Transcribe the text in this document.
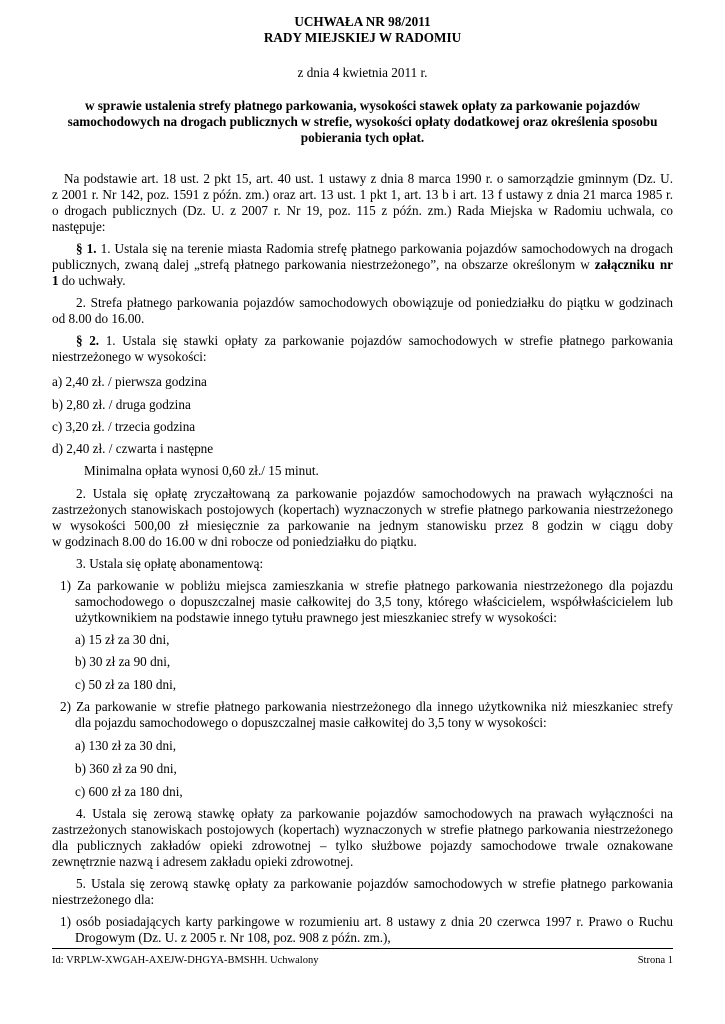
UCHWAŁA NR 98/2011
RADY MIEJSKIEJ W RADOMIU
z dnia 4 kwietnia 2011 r.
w sprawie ustalenia strefy płatnego parkowania, wysokości stawek opłaty za parkowanie pojazdów
samochodowych na drogach publicznych w strefie, wysokości opłaty dodatkowej oraz określenia sposobu
pobierania tych opłat.
Na podstawie art. 18 ust. 2 pkt 15, art. 40 ust. 1 ustawy z dnia 8 marca 1990 r. o samorządzie gminnym (Dz. U.
z 2001 r. Nr 142, poz. 1591 z późn. zm.) oraz art. 13 ust. 1 pkt 1, art. 13 b i art. 13 f ustawy z dnia 21 marca 1985 r.
o drogach publicznych (Dz. U. z 2007 r. Nr 19, poz. 115 z późn. zm.) Rada Miejska w Radomiu uchwala, co
następuje:
§ 1. 1. Ustala się na terenie miasta Radomia strefę płatnego parkowania pojazdów samochodowych na drogach
publicznych, zwaną dalej „strefą płatnego parkowania niestrzeżonego”, na obszarze określonym w załączniku nr
1 do uchwały.
2. Strefa płatnego parkowania pojazdów samochodowych obowiązuje od poniedziałku do piątku w godzinach
od 8.00 do 16.00.
§ 2. 1. Ustala się stawki opłaty za parkowanie pojazdów samochodowych w strefie płatnego parkowania
niestrzeżonego w wysokości:
a) 2,40 zł. / pierwsza godzina
b) 2,80 zł. / druga godzina
c) 3,20 zł. / trzecia godzina
d) 2,40 zł. / czwarta i następne
Minimalna opłata wynosi 0,60 zł./ 15 minut.
2. Ustala się opłatę zryczałtowaną za parkowanie pojazdów samochodowych na prawach wyłączności na
zastrzeżonych stanowiskach postojowych (kopertach) wyznaczonych w strefie płatnego parkowania niestrzeżonego
w wysokości 500,00 zł miesięcznie za parkowanie na jednym stanowisku przez 8 godzin w ciągu doby
w godzinach 8.00 do 16.00 w dni robocze od poniedziałku do piątku.
3. Ustala się opłatę abonamentową:
1) Za parkowanie w pobliżu miejsca zamieszkania w strefie płatnego parkowania niestrzeżonego dla pojazdu
samochodowego o dopuszczalnej masie całkowitej do 3,5 tony, którego właścicielem, współwłaścicielem lub
użytkownikiem na podstawie innego tytułu prawnego jest mieszkaniec strefy w wysokości:
a) 15 zł za 30 dni,
b) 30 zł za 90 dni,
c) 50 zł za 180 dni,
2) Za parkowanie w strefie płatnego parkowania niestrzeżonego dla innego użytkownika niż mieszkaniec strefy
dla pojazdu samochodowego o dopuszczalnej masie całkowitej do 3,5 tony w wysokości:
a) 130 zł za 30 dni,
b) 360 zł za 90 dni,
c) 600 zł za 180 dni,
4. Ustala się zerową stawkę opłaty za parkowanie pojazdów samochodowych na prawach wyłączności na
zastrzeżonych stanowiskach postojowych (kopertach) wyznaczonych w strefie płatnego parkowania niestrzeżonego
dla publicznych zakładów opieki zdrowotnej – tylko służbowe pojazdy samochodowe trwale oznakowane
zewnętrznie nazwą i adresem zakładu opieki zdrowotnej.
5. Ustala się zerową stawkę opłaty za parkowanie pojazdów samochodowych w strefie płatnego parkowania
niestrzeżonego dla:
1) osób posiadających karty parkingowe w rozumieniu art. 8 ustawy z dnia 20 czerwca 1997 r. Prawo o Ruchu
Drogowym (Dz. U. z 2005 r. Nr 108, poz. 908 z późn. zm.),
Id: VRPLW-XWGAH-AXEJW-DHGYA-BMSHH. Uchwalony	Strona 1
